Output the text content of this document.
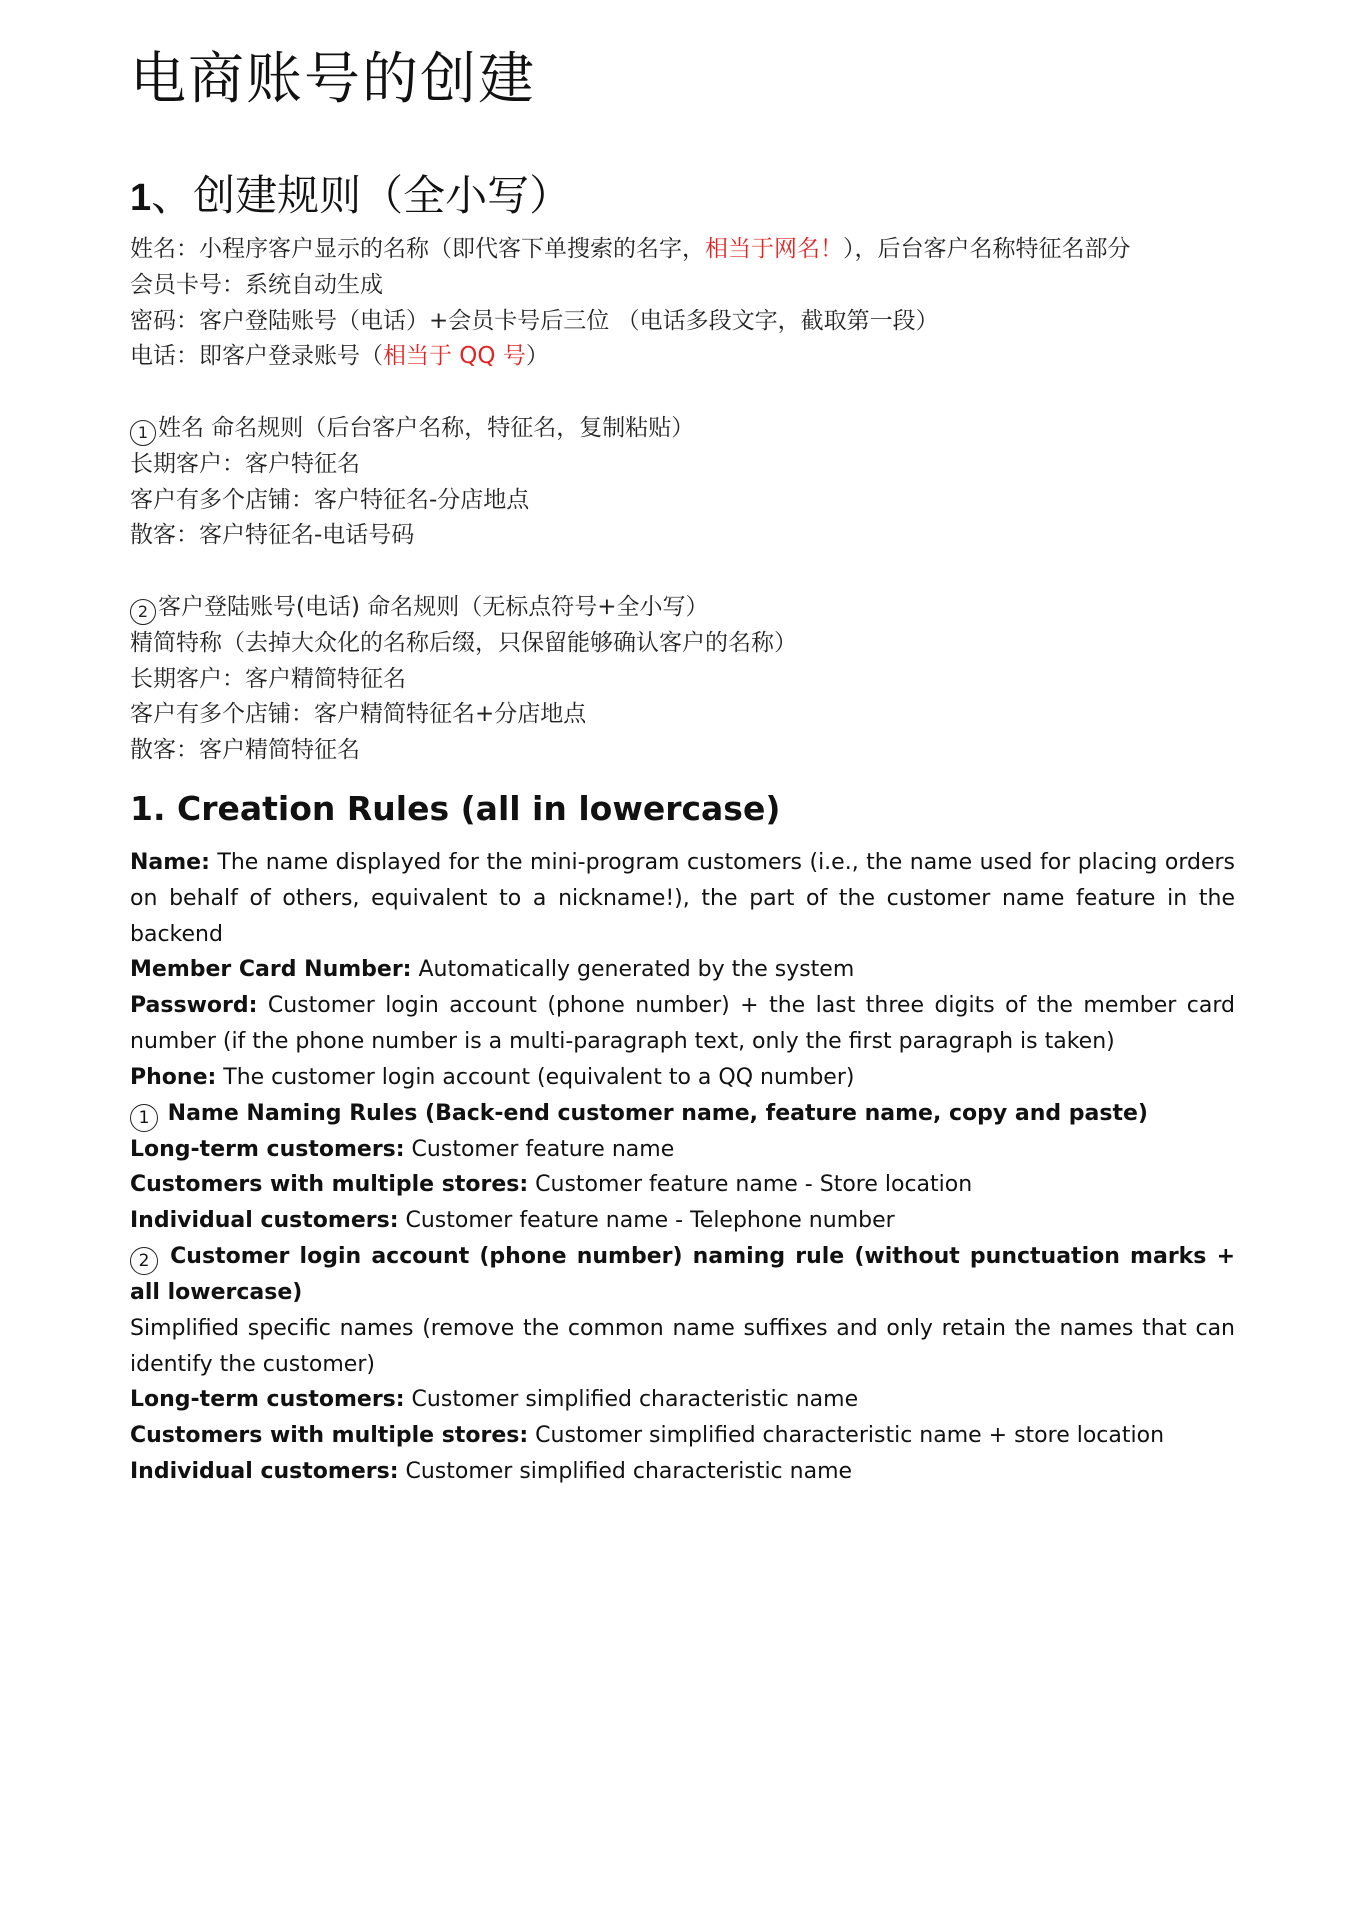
电商账号的创建
1、创建规则（全小写）

姓名：小程序客户显示的名称（即代客下单搜索的名字，相当于网名！），后台客户名称特征名部分

会员卡号：系统自动生成

密码：客户登陆账号（电话）+会员卡号后三位 （电话多段文字，截取第一段）

电话：即客户登录账号（相当于 QQ 号）

1 姓名 命名规则（后台客户名称，特征名，复制粘贴）

长期客户：客户特征名

客户有多个店铺：客户特征名-分店地点

散客：客户特征名-电话号码

2 客户登陆账号(电话) 命名规则（无标点符号+全小写）

精简特称（去掉大众化的名称后缀，只保留能够确认客户的名称）

长期客户：客户精简特征名

客户有多个店铺：客户精简特征名+分店地点

散客：客户精简特征名

1. Creation Rules (all in lowercase)

Name: The name displayed for the mini-program customers (i.e., the name used for placing orders on behalf of others, equivalent to a nickname!), the part of the customer name feature in the backend

Member Card Number: Automatically generated by the system

Password: Customer login account (phone number) + the last three digits of the member card number (if the phone number is a multi-paragraph text, only the first paragraph is taken)

Phone: The customer login account (equivalent to a QQ number)

1 Name Naming Rules (Back-end customer name, feature name, copy and paste)

Long-term customers: Customer feature name

Customers with multiple stores: Customer feature name - Store location

Individual customers: Customer feature name - Telephone number

2 Customer login account (phone number) naming rule (without punctuation marks + all lowercase)

Simplified specific names (remove the common name suffixes and only retain the names that can identify the customer)

Long-term customers: Customer simplified characteristic name

Customers with multiple stores: Customer simplified characteristic name + store location

Individual customers: Customer simplified characteristic name
